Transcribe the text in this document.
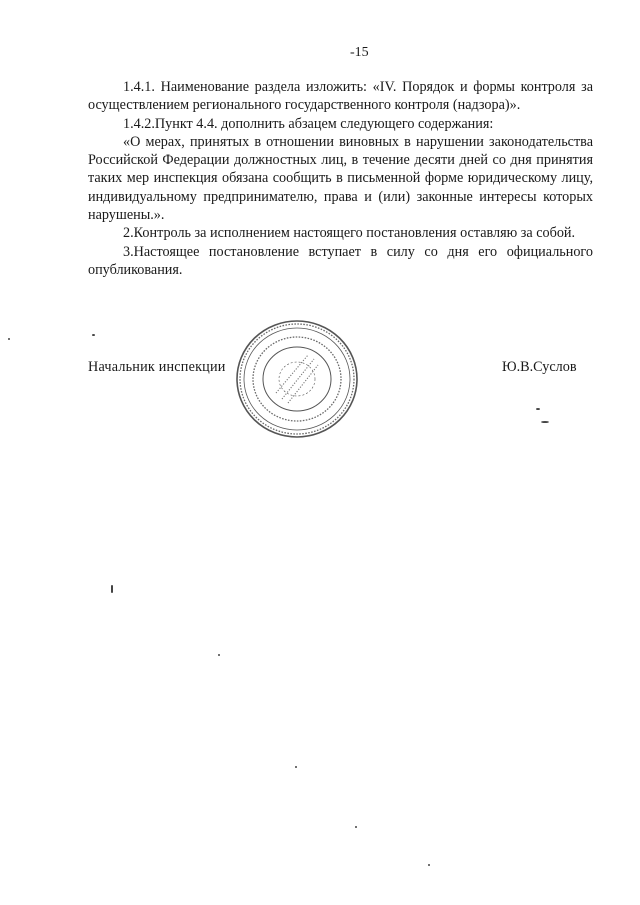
-15

1.4.1. Наименование раздела изложить: «IV. Порядок и формы контроля за осуществлением регионального государственного контроля (надзора)».

1.4.2.Пункт 4.4. дополнить абзацем следующего содержания:

«О мерах, принятых в отношении виновных в нарушении законодательства Российской Федерации должностных лиц, в течение десяти дней со дня принятия таких мер инспекция обязана сообщить в письменной форме юридическому лицу, индивидуальному предпринимателю, права и (или) законные интересы которых нарушены.».

2.Контроль за исполнением настоящего постановления оставляю за собой.

3.Настоящее постановление вступает в силу со дня его официального опубликования.

Начальник инспекции	Ю.В.Суслов
